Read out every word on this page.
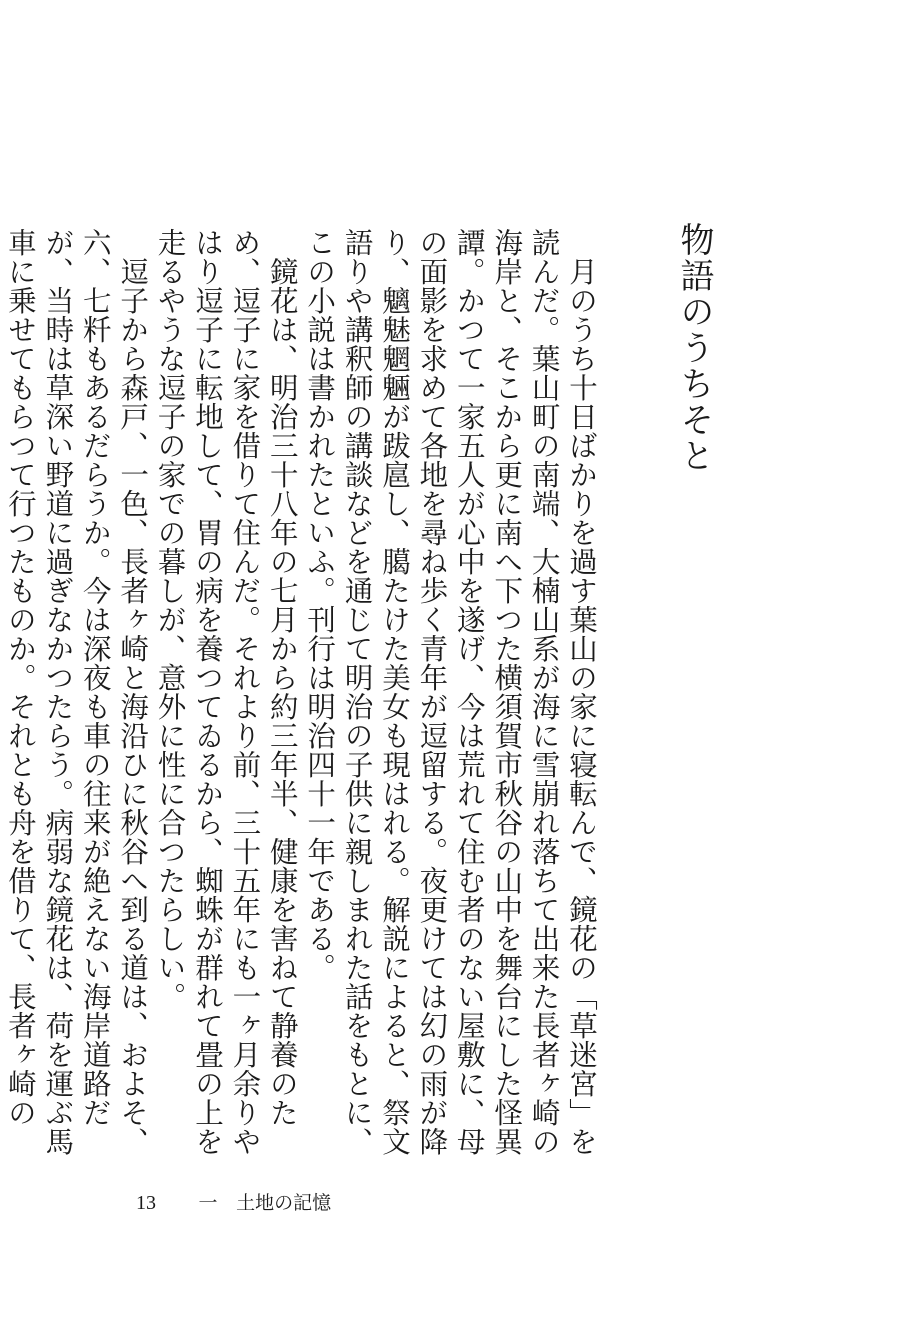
物語のうちそと

月のうち十日ばかりを過す葉山の家に寝転んで、鏡花の「草迷宮」を読んだ。葉山町の南端、大楠山系が海に雪崩れ落ちて出来た長者ヶ崎の海岸と、そこから更に南へ下つた横須賀市秋谷の山中を舞台にした怪異譚。かつて一家五人が心中を遂げ、今は荒れて住む者のない屋敷に、母の面影を求めて各地を尋ね歩く青年が逗留する。夜更けては幻の雨が降り、魑魅魍魎が跋扈し、臈たけた美女も現はれる。解説によると、祭文語りや講釈師の講談などを通じて明治の子供に親しまれた話をもとに、この小説は書かれたといふ。刊行は明治四十一年である。

鏡花は、明治三十八年の七月から約三年半、健康を害ねて静養のため、逗子に家を借りて住んだ。それより前、三十五年にも一ヶ月余りやはり逗子に転地して、胃の病を養つてゐるから、蜘蛛が群れて畳の上を走るやうな逗子の家での暮しが、意外に性に合つたらしい。

逗子から森戸、一色、長者ヶ崎と海沿ひに秋谷へ到る道は、およそ、六、七粁もあるだらうか。今は深夜も車の往来が絶えない海岸道路だが、当時は草深い野道に過ぎなかつたらう。病弱な鏡花は、荷を運ぶ馬車に乗せてもらつて行つたものか。それとも舟を借りて、長者ヶ崎の

13 一 土地の記憶
